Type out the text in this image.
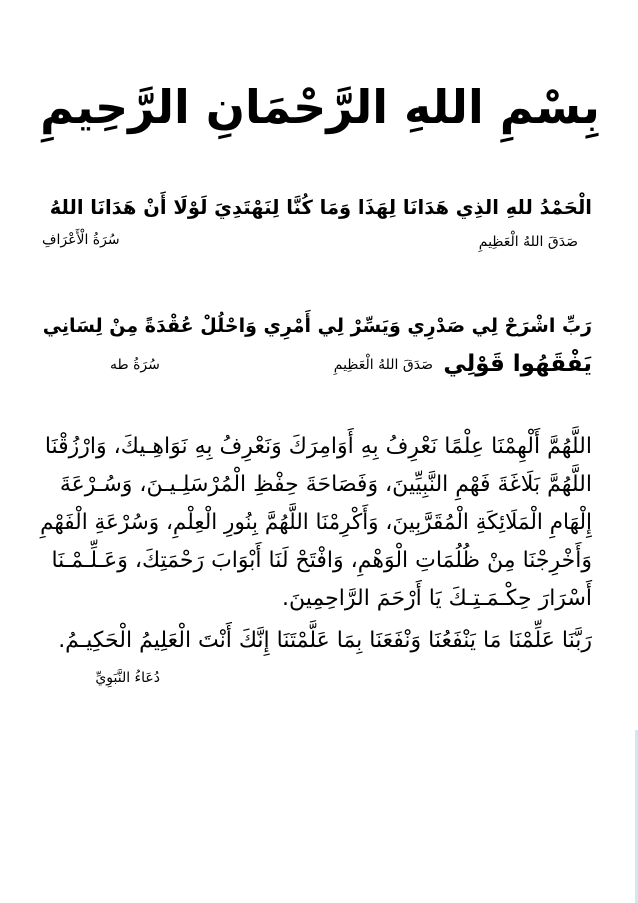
بِسْمِ اللهِ الرَّحْمَانِ الرَّحِيمِ
الْحَمْدُ للهِ الذِي هَدَانَا لِهَذَا وَمَا كُنَّا لِنَهْتَدِيَ لَوْلَا أَنْ هَدَانَا اللهُ
صَدَقَ اللهُ الْعَظِيمِ
سُرَةُ الْأَعْرَافِ
رَبِّ اشْرَحْ لِي صَدْرِي وَيَسِّرْ لِي أَمْرِي وَاحْلُلْ عُقْدَةً مِنْ لِسَانِي
يَفْقَهُوا قَوْلِي
صَدَقَ اللهُ الْعَظِيمِ
سُرَةُ طه

اللَّهُمَّ أَلْهِمْنَا عِلْمًا نَعْرِفُ بِهِ أَوَامِرَكَ وَنَعْرِفُ بِهِ نَوَاهِـيكَ، وَارْزُقْنَا

اللَّهُمَّ بَلَاغَةَ فَهْمِ النَّبِيِّينَ، وَفَصَاحَةَ حِفْظِ الْمُرْسَلِـيـنَ، وَسُـرْعَةَ

إِلْهَامِ الْمَلَائِكَةِ الْمُقَرَّبِينَ، وَأَكْرِمْنَا اللَّهُمَّ بِنُورِ الْعِلْمِ، وَسُرْعَةِ الْفَهْمِ

وَأَخْرِجْنَا مِنْ ظُلُمَاتِ الْوَهْمِ، وَافْتَحْ لَنَا أَبْوَابَ رَحْمَتِكَ، وَعَـلِّـمْـنَا

أَسْرَارَ حِكْـمَـتِـكَ يَا أَرْحَمَ الرَّاحِمِينَ.

رَبَّنَا عَلِّمْنَا مَا يَنْفَعُنَا وَنْفَعَنَا بِمَا عَلَّمْتَنَا إِنَّكَ أَنْتَ الْعَلِيمُ الْحَكِيـمُ.

دُعَاءُ النَّبَوِيِّ
